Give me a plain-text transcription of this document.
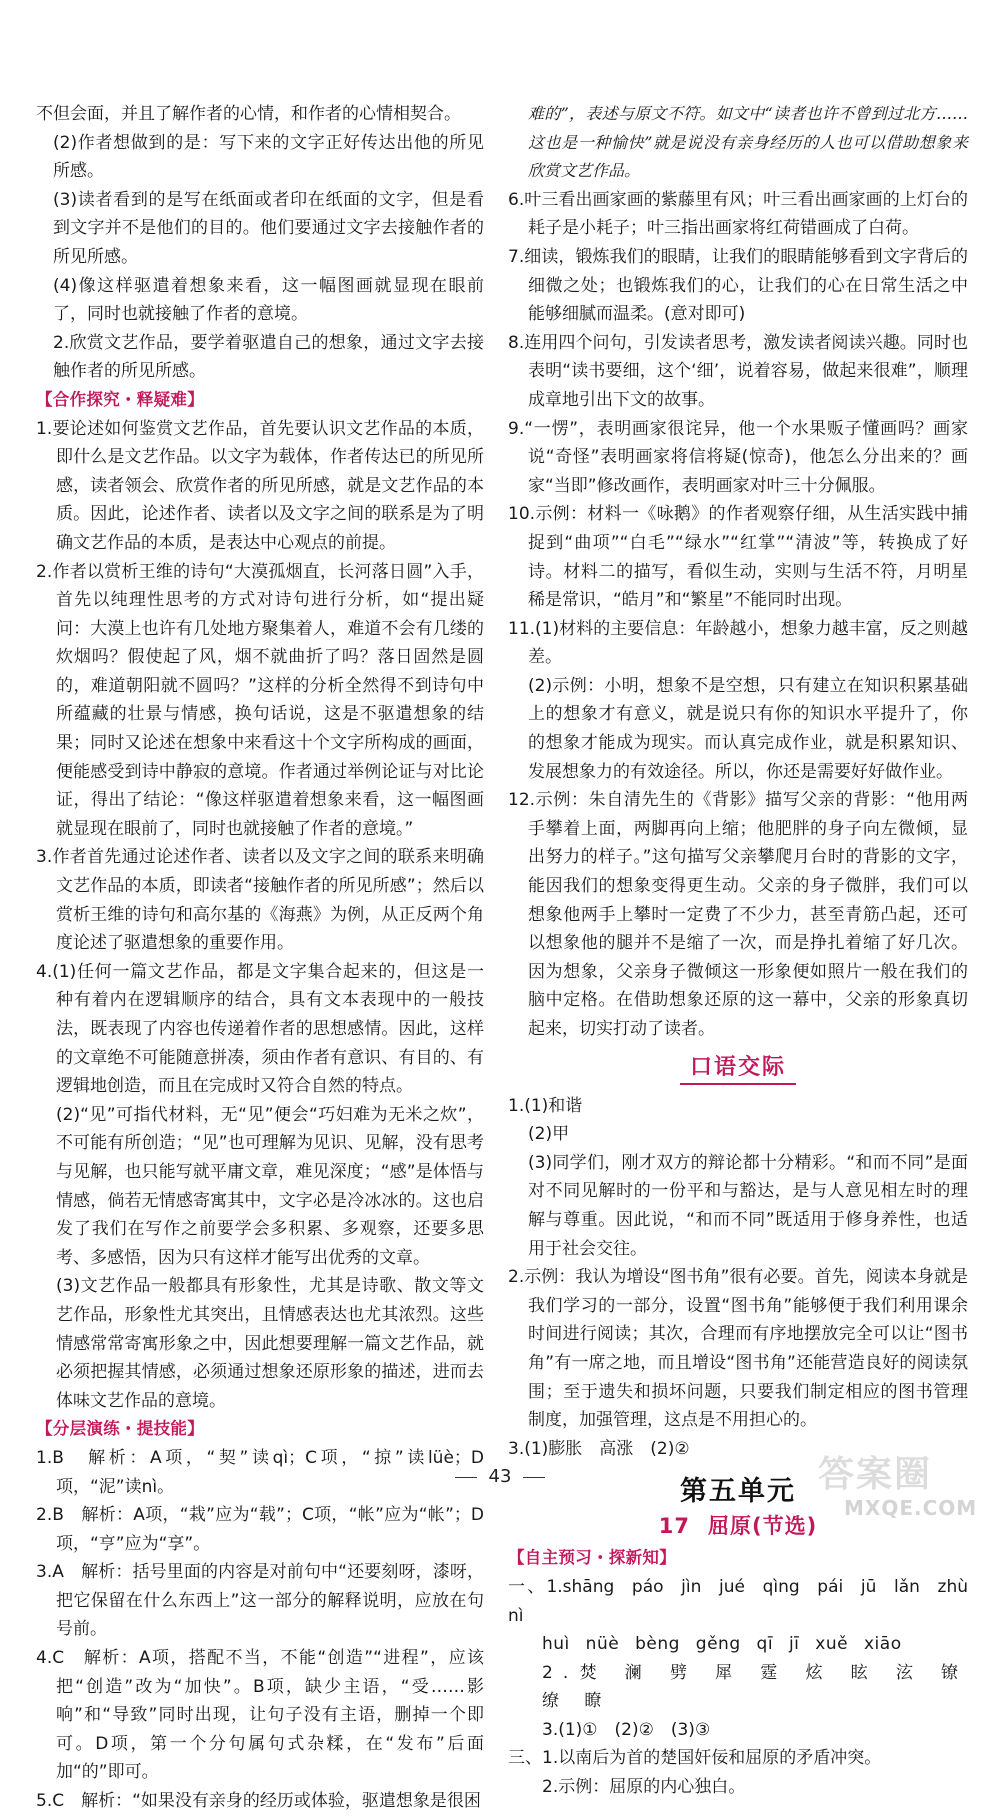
不但会面，并且了解作者的心情，和作者的心情相契合。

(2)作者想做到的是：写下来的文字正好传达出他的所见所感。

(3)读者看到的是写在纸面或者印在纸面的文字，但是看到文字并不是他们的目的。他们要通过文字去接触作者的所见所感。

(4)像这样驱遣着想象来看，这一幅图画就显现在眼前了，同时也就接触了作者的意境。

2.欣赏文艺作品，要学着驱遣自己的想象，通过文字去接触作者的所见所感。

【合作探究・释疑难】

1.要论述如何鉴赏文艺作品，首先要认识文艺作品的本质，即什么是文艺作品。以文字为载体，作者传达已的所见所感，读者领会、欣赏作者的所见所感，就是文艺作品的本质。因此，论述作者、读者以及文字之间的联系是为了明确文艺作品的本质，是表达中心观点的前提。

2.作者以赏析王维的诗句“大漠孤烟直，长河落日圆”入手，首先以纯理性思考的方式对诗句进行分析，如“提出疑问：大漠上也许有几处地方聚集着人，难道不会有几缕的炊烟吗？假使起了风，烟不就曲折了吗？落日固然是圆的，难道朝阳就不圆吗？”这样的分析全然得不到诗句中所蕴藏的壮景与情感，换句话说，这是不驱遣想象的结果；同时又论述在想象中来看这十个文字所构成的画面，便能感受到诗中静寂的意境。作者通过举例论证与对比论证，得出了结论：“像这样驱遣着想象来看，这一幅图画就显现在眼前了，同时也就接触了作者的意境。”

3.作者首先通过论述作者、读者以及文字之间的联系来明确文艺作品的本质，即读者“接触作者的所见所感”；然后以赏析王维的诗句和高尔基的《海燕》为例，从正反两个角度论述了驱遣想象的重要作用。

4.(1)任何一篇文艺作品，都是文字集合起来的，但这是一种有着内在逻辑顺序的结合，具有文本表现中的一般技法，既表现了内容也传递着作者的思想感情。因此，这样的文章绝不可能随意拼凑，须由作者有意识、有目的、有逻辑地创造，而且在完成时又符合自然的特点。

(2)“见”可指代材料，无“见”便会“巧妇难为无米之炊”，不可能有所创造；“见”也可理解为见识、见解，没有思考与见解，也只能写就平庸文章，难见深度；“感”是体悟与情感，倘若无情感寄寓其中，文字必是冷冰冰的。这也启发了我们在写作之前要学会多积累、多观察，还要多思考、多感悟，因为只有这样才能写出优秀的文章。

(3)文艺作品一般都具有形象性，尤其是诗歌、散文等文艺作品，形象性尤其突出，且情感表达也尤其浓烈。这些情感常常寄寓形象之中，因此想要理解一篇文艺作品，就必须把握其情感，必须通过想象还原形象的描述，进而去体味文艺作品的意境。

【分层演练・提技能】

1.B　解析：A项，“契”读qì；C项，“掠”读lüè；D项，“泥”读nì。

2.B　解析：A项，“栽”应为“载”；C项，“帐”应为“帐”；D项，“亨”应为“享”。

3.A　解析：括号里面的内容是对前句中“还要刻呀，漆呀，把它保留在什么东西上”这一部分的解释说明，应放在句号前。

4.C　解析：A项，搭配不当，不能“创造”“进程”，应该把“创造”改为“加快”。B项，缺少主语，“受……影响”和“导致”同时出现，让句子没有主语，删掉一个即可。D项，第一个分句属句式杂糅，在“发布”后面加“的”即可。

5.C　解析：“如果没有亲身的经历或体验，驱遣想象是很困

难的”，表述与原文不符。如文中“读者也许不曾到过北方……这也是一种愉快”就是说没有亲身经历的人也可以借助想象来欣赏文艺作品。

6.叶三看出画家画的紫藤里有风；叶三看出画家画的上灯台的耗子是小耗子；叶三指出画家将红荷错画成了白荷。

7.细读，锻炼我们的眼睛，让我们的眼睛能够看到文字背后的细微之处；也锻炼我们的心，让我们的心在日常生活之中能够细腻而温柔。(意对即可)

8.连用四个问句，引发读者思考，激发读者阅读兴趣。同时也表明“读书要细，这个‘细’，说着容易，做起来很难”，顺理成章地引出下文的故事。

9.“一愣”，表明画家很诧异，他一个水果贩子懂画吗？画家说“奇怪”表明画家将信将疑(惊奇)，他怎么分出来的？画家“当即”修改画作，表明画家对叶三十分佩服。

10.示例：材料一《咏鹅》的作者观察仔细，从生活实践中捕捉到“曲项”“白毛”“绿水”“红掌”“清波”等，转换成了好诗。材料二的描写，看似生动，实则与生活不符，月明星稀是常识，“皓月”和“繁星”不能同时出现。

11.(1)材料的主要信息：年龄越小，想象力越丰富，反之则越差。

(2)示例：小明，想象不是空想，只有建立在知识积累基础上的想象才有意义，就是说只有你的知识水平提升了，你的想象才能成为现实。而认真完成作业，就是积累知识、发展想象力的有效途径。所以，你还是需要好好做作业。

12.示例：朱自清先生的《背影》描写父亲的背影：“他用两手攀着上面，两脚再向上缩；他肥胖的身子向左微倾，显出努力的样子。”这句描写父亲攀爬月台时的背影的文字，能因我们的想象变得更生动。父亲的身子微胖，我们可以想象他两手上攀时一定费了不少力，甚至青筋凸起，还可以想象他的腿并不是缩了一次，而是挣扎着缩了好几次。因为想象，父亲身子微倾这一形象便如照片一般在我们的脑中定格。在借助想象还原的这一幕中，父亲的形象真切起来，切实打动了读者。

口语交际

1.(1)和谐

(2)甲

(3)同学们，刚才双方的辩论都十分精彩。“和而不同”是面对不同见解时的一份平和与豁达，是与人意见相左时的理解与尊重。因此说，“和而不同”既适用于修身养性，也适用于社会交往。

2.示例：我认为增设“图书角”很有必要。首先，阅读本身就是我们学习的一部分，设置“图书角”能够便于我们利用课余时间进行阅读；其次，合理而有序地摆放完全可以让“图书角”有一席之地，而且增设“图书角”还能营造良好的阅读氛围；至于遗失和损坏问题，只要我们制定相应的图书管理制度，加强管理，这点是不用担心的。

3.(1)膨胀　高涨　(2)②

第五单元
17 屈原(节选)

【自主预习・探新知】

一、1.shāng páo jìn jué qìng pái jū lǎn zhù nì

huì nüè bèng gěng qī jī xuě xiāo

2.焚 澜 劈 犀 霆 炫 眩 泫 镣 缭 瞭

3.(1)①　(2)②　(3)③

三、1.以南后为首的楚国奸佞和屈原的矛盾冲突。

2.示例：屈原的内心独白。

43	答案圈
MXQE.COM
